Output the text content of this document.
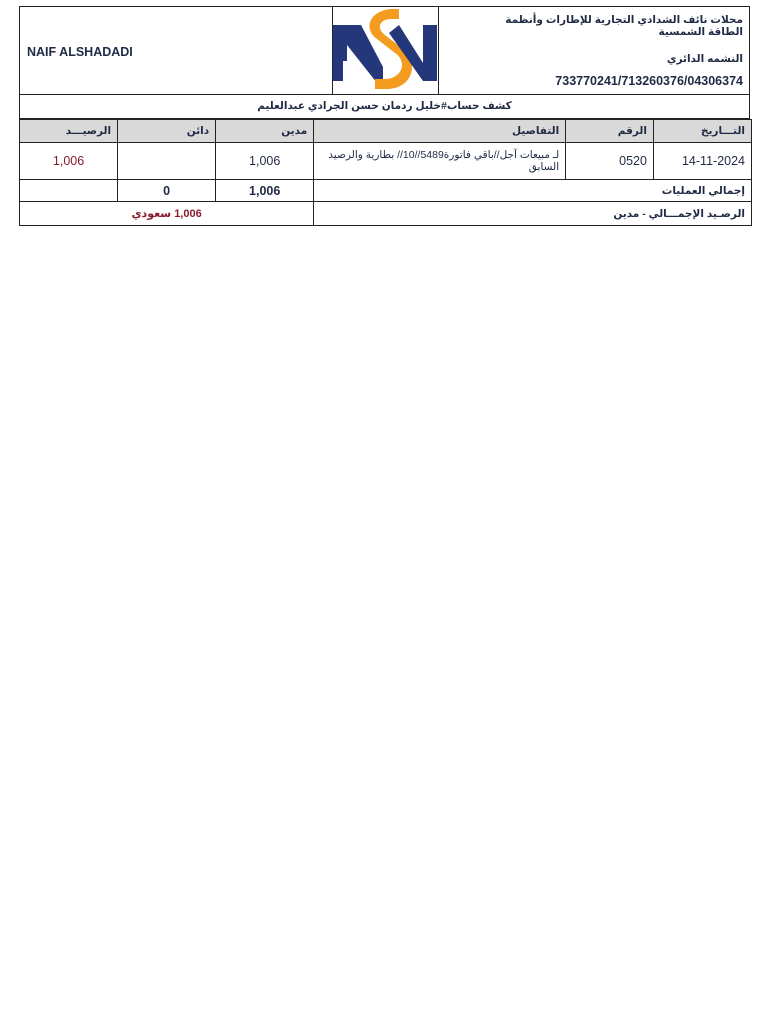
NAIF ALSHADADI
محلات نائف الشدادي التجارية للإطارات وأنظمة الطاقة الشمسية
النشمه الدائري
733770241/713260376/04306374
كشف حساب#خليل ردمان حسن الجرادي عبدالعليم
التـــاريخ	الرقم	التفاصيل	مدين	دائن	الرصيـــد
14-11-2024	0520	لـ مبيعات آجل//باقي فاتورة5489//10// بطارية والرصيد السابق	1,006		1,006
إجمالي العمليات			1,006	0	
الرصـيد الإجمـــالي - مدين			1,006 سعودي		
